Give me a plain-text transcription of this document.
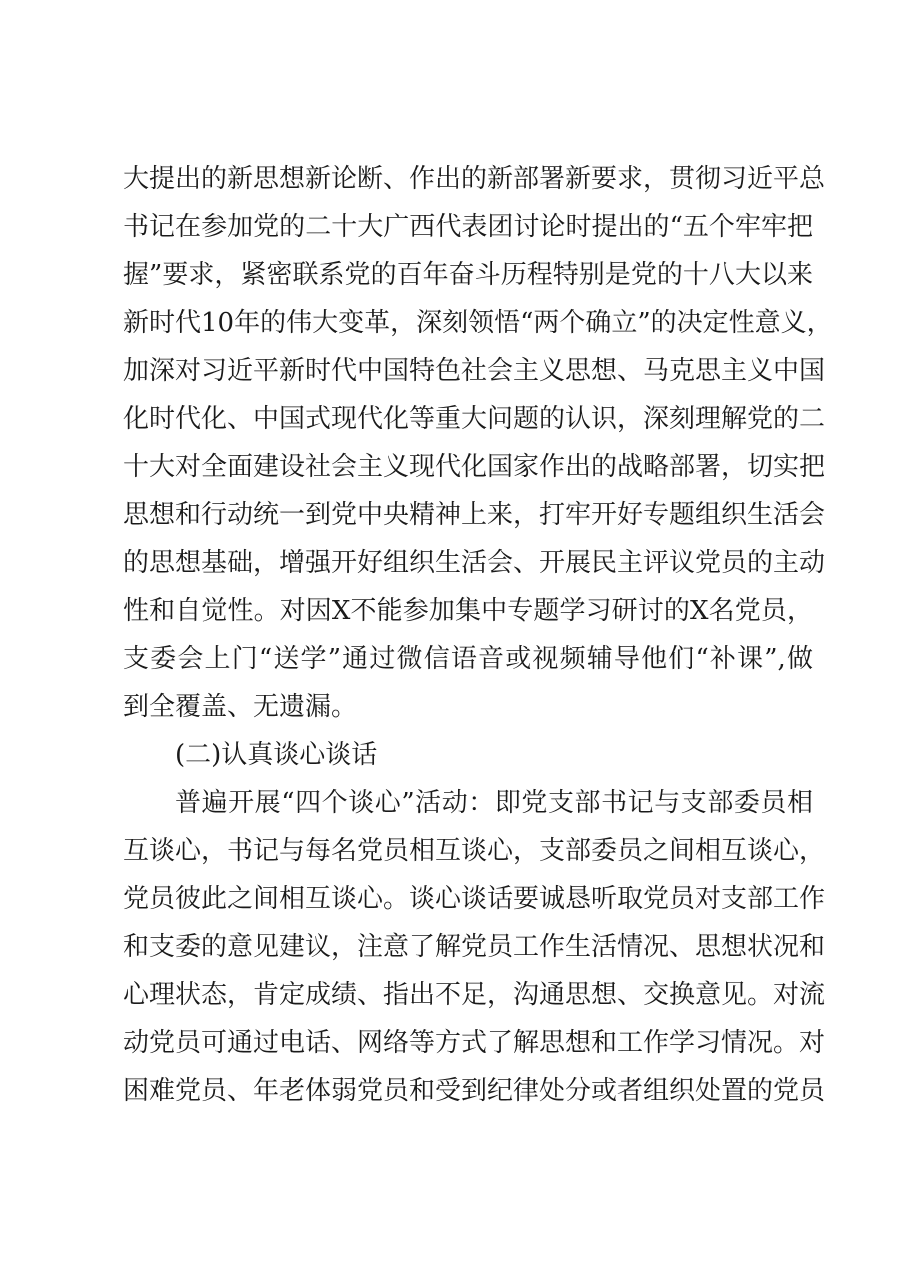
大提出的新思想新论断、作出的新部署新要求，贯彻习近平总
书记在参加党的二十大广西代表团讨论时提出的“五个牢牢把
握”要求，紧密联系党的百年奋斗历程特别是党的十八大以来
新时代10年的伟大变革，深刻领悟“两个确立”的决定性意义，
加深对习近平新时代中国特色社会主义思想、马克思主义中国
化时代化、中国式现代化等重大问题的认识，深刻理解党的二
十大对全面建设社会主义现代化国家作出的战略部署，切实把
思想和行动统一到党中央精神上来，打牢开好专题组织生活会
的思想基础，增强开好组织生活会、开展民主评议党员的主动
性和自觉性。对因X不能参加集中专题学习研讨的X名党员，
支委会上门“送学”通过微信语音或视频辅导他们“补课”,做
到全覆盖、无遗漏。
(二)认真谈心谈话
普遍开展“四个谈心”活动：即党支部书记与支部委员相
互谈心，书记与每名党员相互谈心，支部委员之间相互谈心，
党员彼此之间相互谈心。谈心谈话要诚恳听取党员对支部工作
和支委的意见建议，注意了解党员工作生活情况、思想状况和
心理状态，肯定成绩、指出不足，沟通思想、交换意见。对流
动党员可通过电话、网络等方式了解思想和工作学习情况。对
困难党员、年老体弱党员和受到纪律处分或者组织处置的党员
